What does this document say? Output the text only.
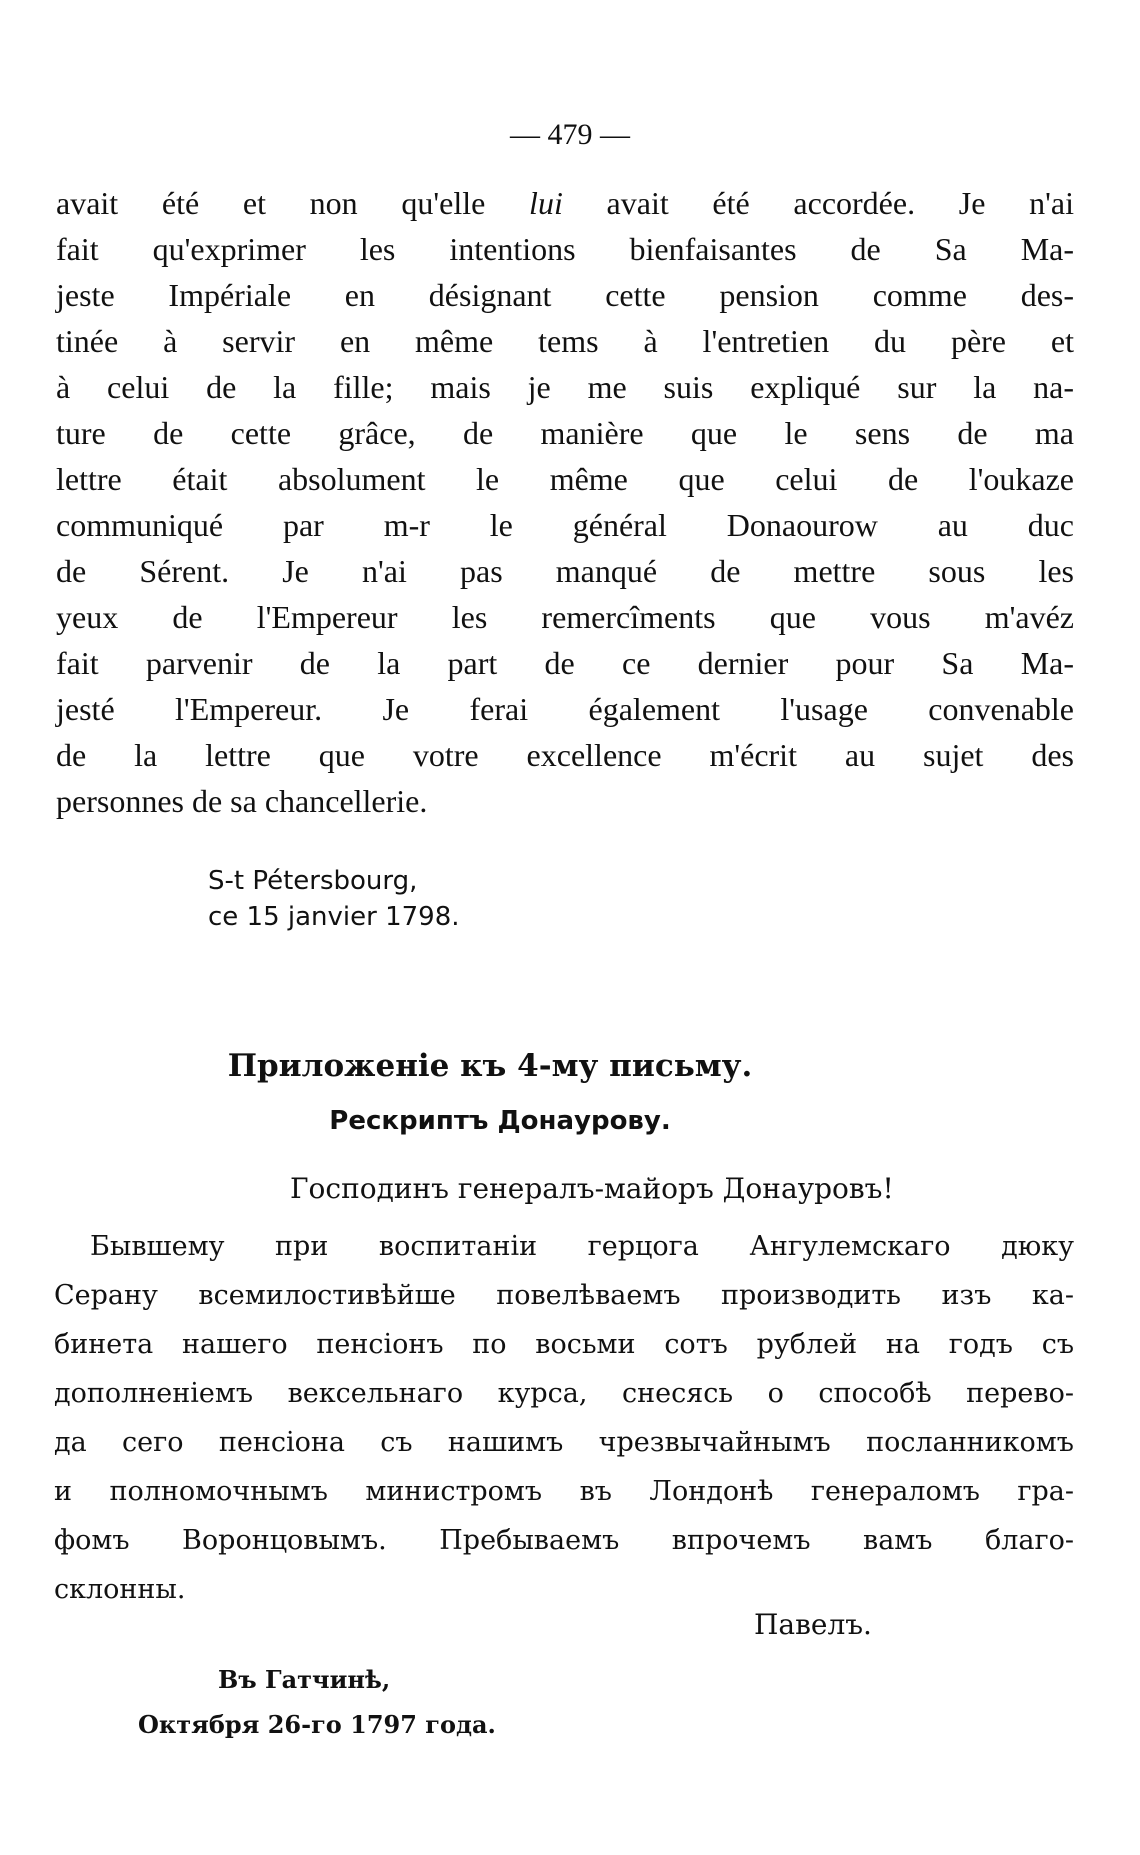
— 479 —
avait été et non qu'elle lui avait été accordée. Je n'ai
fait qu'exprimer les intentions bienfaisantes de Sa Ma-
jeste Impériale en désignant cette pension comme des-
tinée à servir en même tems à l'entretien du père et
à celui de la fille; mais je me suis expliqué sur la na-
ture de cette grâce, de manière que le sens de ma
lettre était absolument le même que celui de l'oukaze
communiqué par m-r le général Donaourow au duc
de Sérent. Je n'ai pas manqué de mettre sous les
yeux de l'Empereur les remercîments que vous m'avéz
fait parvenir de la part de ce dernier pour Sa Ma-
jesté l'Empereur. Je ferai également l'usage convenable
de la lettre que votre excellence m'écrit au sujet des
personnes de sa chancellerie.
S-t Pétersbourg,
ce 15 janvier 1798.
Приложеніе къ 4-му письму.
Рескриптъ Донаурову.
Господинъ генералъ-майоръ Донауровъ!
Бывшему при воспитаніи герцога Ангулемскаго дюку
Серану всемилостивѣйше повелѣваемъ производить изъ ка-
бинета нашего пенсіонъ по восьми сотъ рублей на годъ съ
дополненіемъ вексельнаго курса, снесясь о способѣ перево-
да сего пенсіона съ нашимъ чрезвычайнымъ посланникомъ
и полномочнымъ министромъ въ Лондонѣ генераломъ гра-
фомъ Воронцовымъ. Пребываемъ впрочемъ вамъ благо-
склонны.
Павелъ.
Въ Гатчинѣ,
Октября 26-го 1797 года.
